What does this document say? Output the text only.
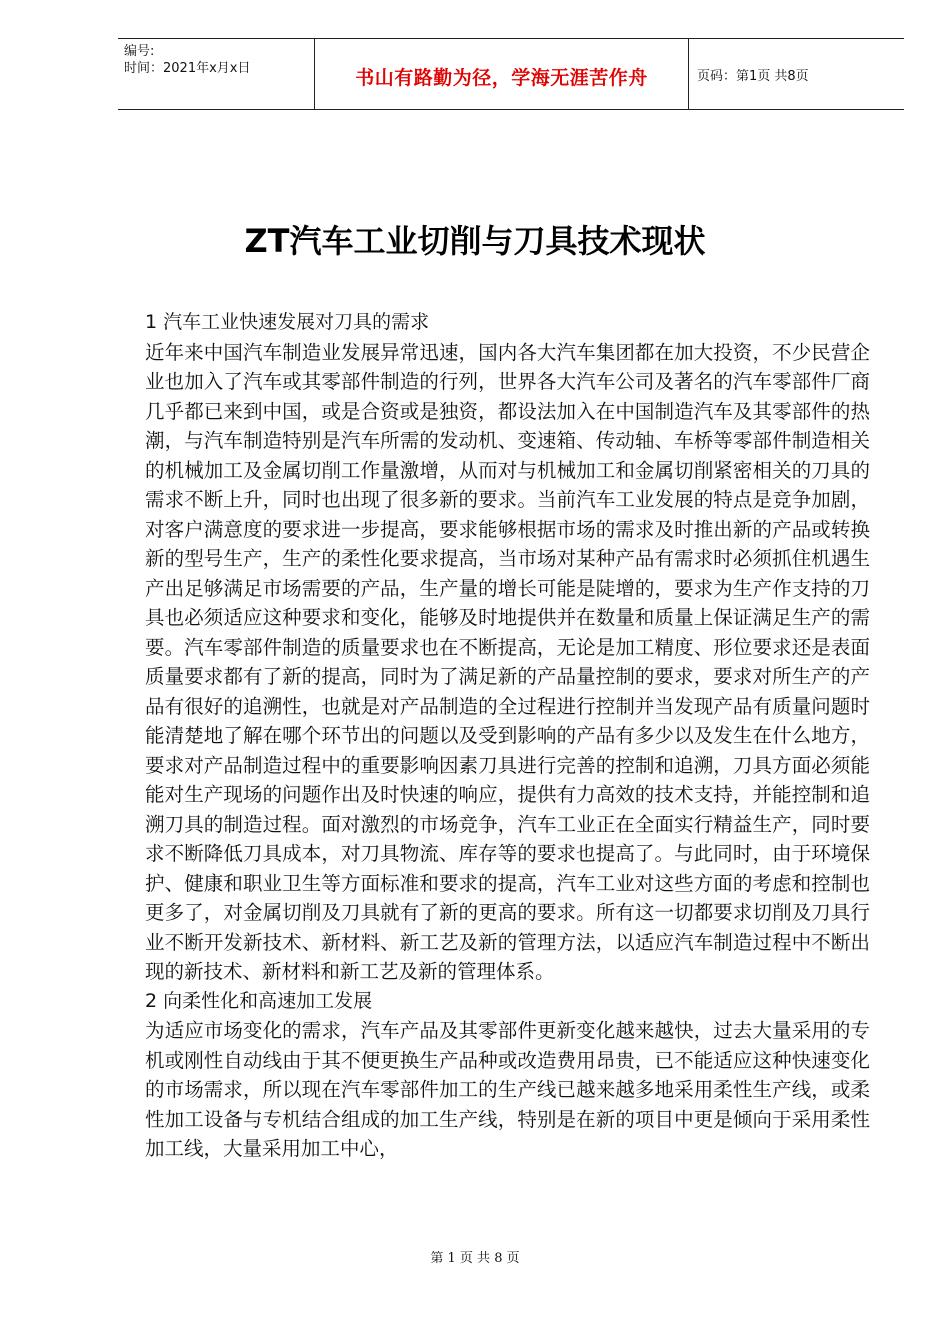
编号:
时间：2021年x月x日	书山有路勤为径，学海无涯苦作舟	页码：第1页 共8页
ZT汽车工业切削与刀具技术现状

1 汽车工业快速发展对刀具的需求

近年来中国汽车制造业发展异常迅速，国内各大汽车集团都在加大投资，不少民营企业也加入了汽车或其零部件制造的行列，世界各大汽车公司及著名的汽车零部件厂商几乎都已来到中国，或是合资或是独资，都设法加入在中国制造汽车及其零部件的热潮，与汽车制造特别是汽车所需的发动机、变速箱、传动轴、车桥等零部件制造相关的机械加工及金属切削工作量激增，从而对与机械加工和金属切削紧密相关的刀具的需求不断上升，同时也出现了很多新的要求。当前汽车工业发展的特点是竞争加剧，对客户满意度的要求进一步提高，要求能够根据市场的需求及时推出新的产品或转换新的型号生产，生产的柔性化要求提高，当市场对某种产品有需求时必须抓住机遇生产出足够满足市场需要的产品，生产量的增长可能是陡增的，要求为生产作支持的刀具也必须适应这种要求和变化，能够及时地提供并在数量和质量上保证满足生产的需要。汽车零部件制造的质量要求也在不断提高，无论是加工精度、形位要求还是表面质量要求都有了新的提高，同时为了满足新的产品量控制的要求，要求对所生产的产品有很好的追溯性，也就是对产品制造的全过程进行控制并当发现产品有质量问题时能清楚地了解在哪个环节出的问题以及受到影响的产品有多少以及发生在什么地方，要求对产品制造过程中的重要影响因素刀具进行完善的控制和追溯，刀具方面必须能能对生产现场的问题作出及时快速的响应，提供有力高效的技术支持，并能控制和追溯刀具的制造过程。面对激烈的市场竞争，汽车工业正在全面实行精益生产，同时要求不断降低刀具成本，对刀具物流、库存等的要求也提高了。与此同时，由于环境保护、健康和职业卫生等方面标准和要求的提高，汽车工业对这些方面的考虑和控制也更多了，对金属切削及刀具就有了新的更高的要求。所有这一切都要求切削及刀具行业不断开发新技术、新材料、新工艺及新的管理方法，以适应汽车制造过程中不断出现的新技术、新材料和新工艺及新的管理体系。

2 向柔性化和高速加工发展

为适应市场变化的需求，汽车产品及其零部件更新变化越来越快，过去大量采用的专机或刚性自动线由于其不便更换生产品种或改造费用昂贵，已不能适应这种快速变化的市场需求，所以现在汽车零部件加工的生产线已越来越多地采用柔性生产线，或柔性加工设备与专机结合组成的加工生产线，特别是在新的项目中更是倾向于采用柔性加工线，大量采用加工中心，

第 1 页 共 8 页
